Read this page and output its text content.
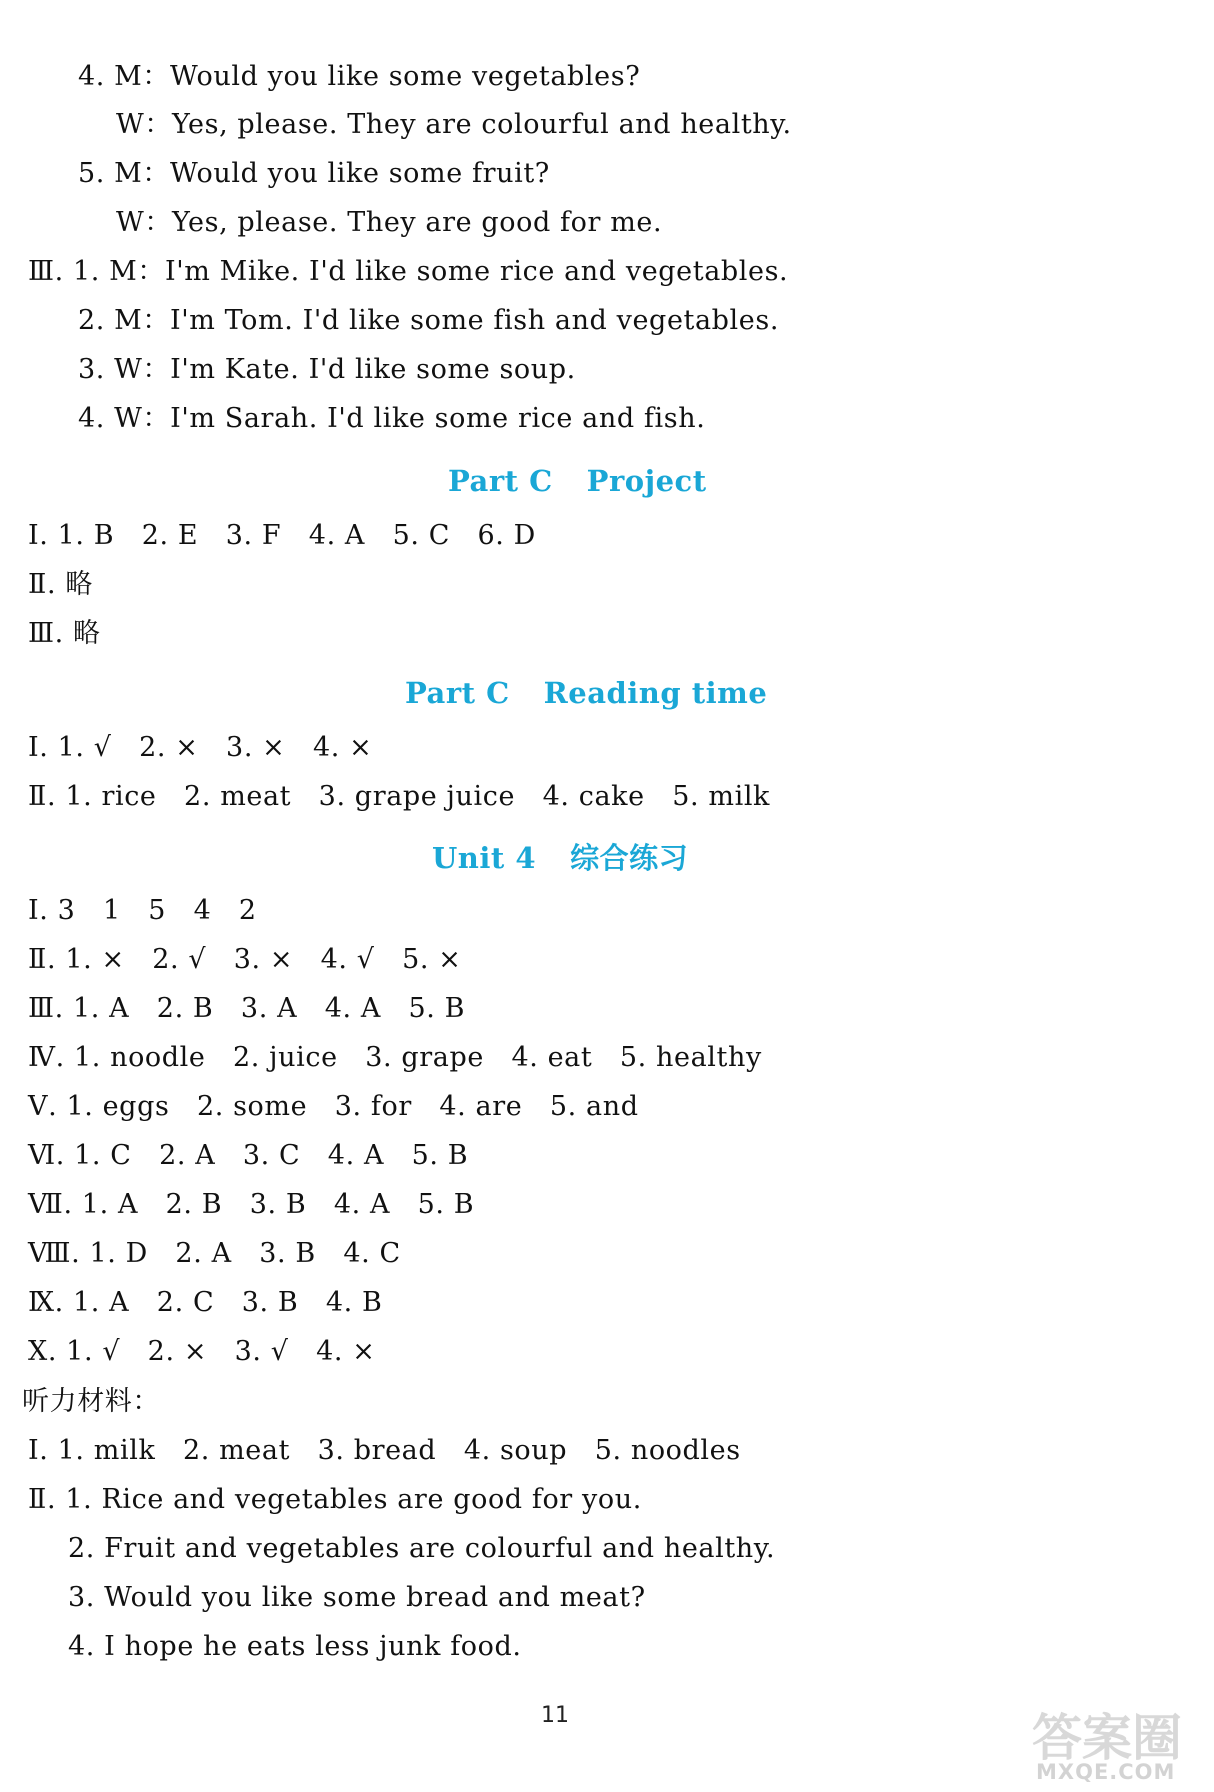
4. M：Would you like some vegetables?
W：Yes, please. They are colourful and healthy.
5. M：Would you like some fruit?
W：Yes, please. They are good for me.
Ⅲ. 1. M：I'm Mike. I'd like some rice and vegetables.
2. M：I'm Tom. I'd like some fish and vegetables.
3. W：I'm Kate. I'd like some soup.
4. W：I'm Sarah. I'd like some rice and fish.
Part C Project
Ⅰ. 1. B   2. E   3. F   4. A   5. C   6. D
Ⅱ. 略
Ⅲ. 略
Part C Reading time
Ⅰ. 1. √   2. ×   3. ×   4. ×
Ⅱ. 1. rice   2. meat   3. grape juice   4. cake   5. milk
Unit 4 综合练习
Ⅰ. 3   1   5   4   2
Ⅱ. 1. ×   2. √   3. ×   4. √   5. ×
Ⅲ. 1. A   2. B   3. A   4. A   5. B
Ⅳ. 1. noodle   2. juice   3. grape   4. eat   5. healthy
Ⅴ. 1. eggs   2. some   3. for   4. are   5. and
Ⅵ. 1. C   2. A   3. C   4. A   5. B
Ⅶ. 1. A   2. B   3. B   4. A   5. B
Ⅷ. 1. D   2. A   3. B   4. C
Ⅸ. 1. A   2. C   3. B   4. B
Ⅹ. 1. √   2. ×   3. √   4. ×
听力材料：
Ⅰ. 1. milk   2. meat   3. bread   4. soup   5. noodles
Ⅱ. 1. Rice and vegetables are good for you.
2. Fruit and vegetables are colourful and healthy.
3. Would you like some bread and meat?
4. I hope he eats less junk food.
11	答案圈
MXQE.COM
